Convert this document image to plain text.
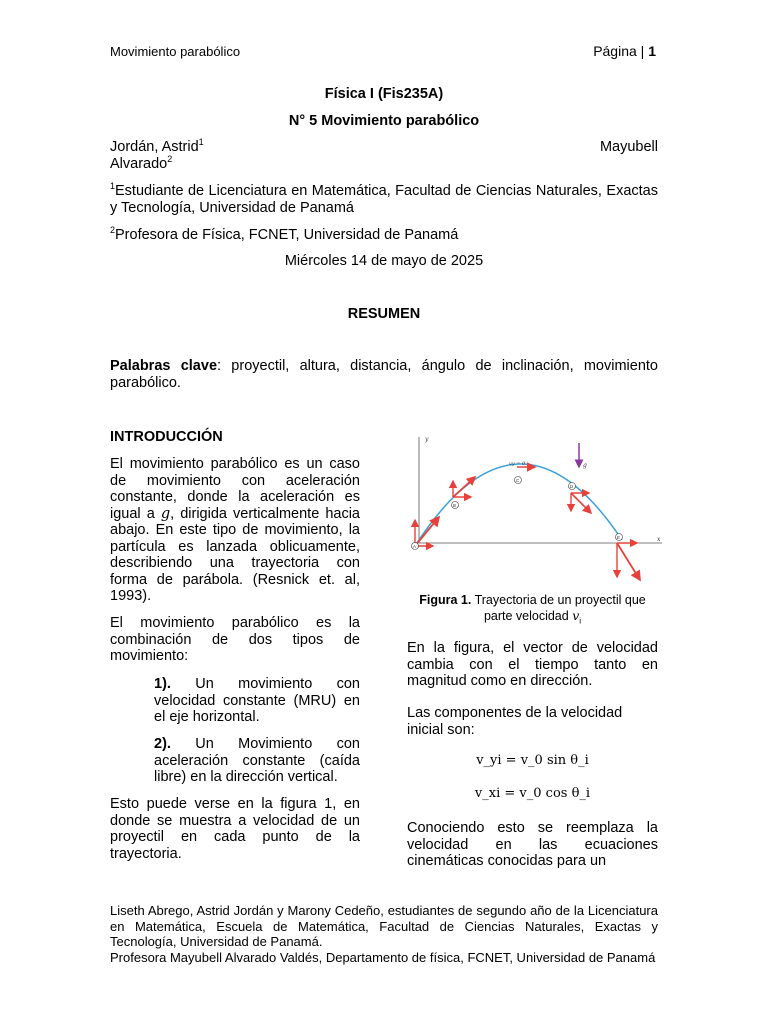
Movimiento parabólico	Página | 1
Física I (Fis235A)
N° 5 Movimiento parabólico
Jordán, Astrid$^1$	Mayubell
Alvarado$^2$
$^1$Estudiante de Licenciatura en Matemática, Facultad de Ciencias Naturales, Exactas y Tecnología, Universidad de Panamá
$^2$Profesora de Física, FCNET, Universidad de Panamá
Miércoles 14 de mayo de 2025
RESUMEN
Palabras clave: proyectil, altura, distancia, ángulo de inclinación, movimiento parabólico.
INTRODUCCIÓN
El movimiento parabólico es un caso de movimiento con aceleración constante, donde la aceleración es igual a g, dirigida verticalmente hacia abajo. En este tipo de movimiento, la partícula es lanzada oblicuamente, describiendo una trayectoria con forma de parábola. (Resnick et. al, 1993).
El movimiento parabólico es la combinación de dos tipos de movimiento:
1). Un movimiento con velocidad constante (MRU) en el eje horizontal.
2). Un Movimiento con aceleración constante (caída libre) en la dirección vertical.
Esto puede verse en la figura 1, en donde se muestra a velocidad de un proyectil en cada punto de la trayectoria.
y
x
g
A
B
C
vy = 0
D
E
Figura 1. Trayectoria de un proyectil que parte velocidad $v_i$
En la figura, el vector de velocidad cambia con el tiempo tanto en magnitud como en dirección.
Las componentes de la velocidad inicial son:
v_yi = v_0 sin θ_i
v_xi = v_0 cos θ_i
Conociendo esto se reemplaza la velocidad en las ecuaciones cinemáticas conocidas para un
Liseth Abrego, Astrid Jordán y Marony Cedeño, estudiantes de segundo año de la Licenciatura en Matemática, Escuela de Matemática, Facultad de Ciencias Naturales, Exactas y Tecnología, Universidad de Panamá.
Profesora Mayubell Alvarado Valdés, Departamento de física, FCNET, Universidad de Panamá
